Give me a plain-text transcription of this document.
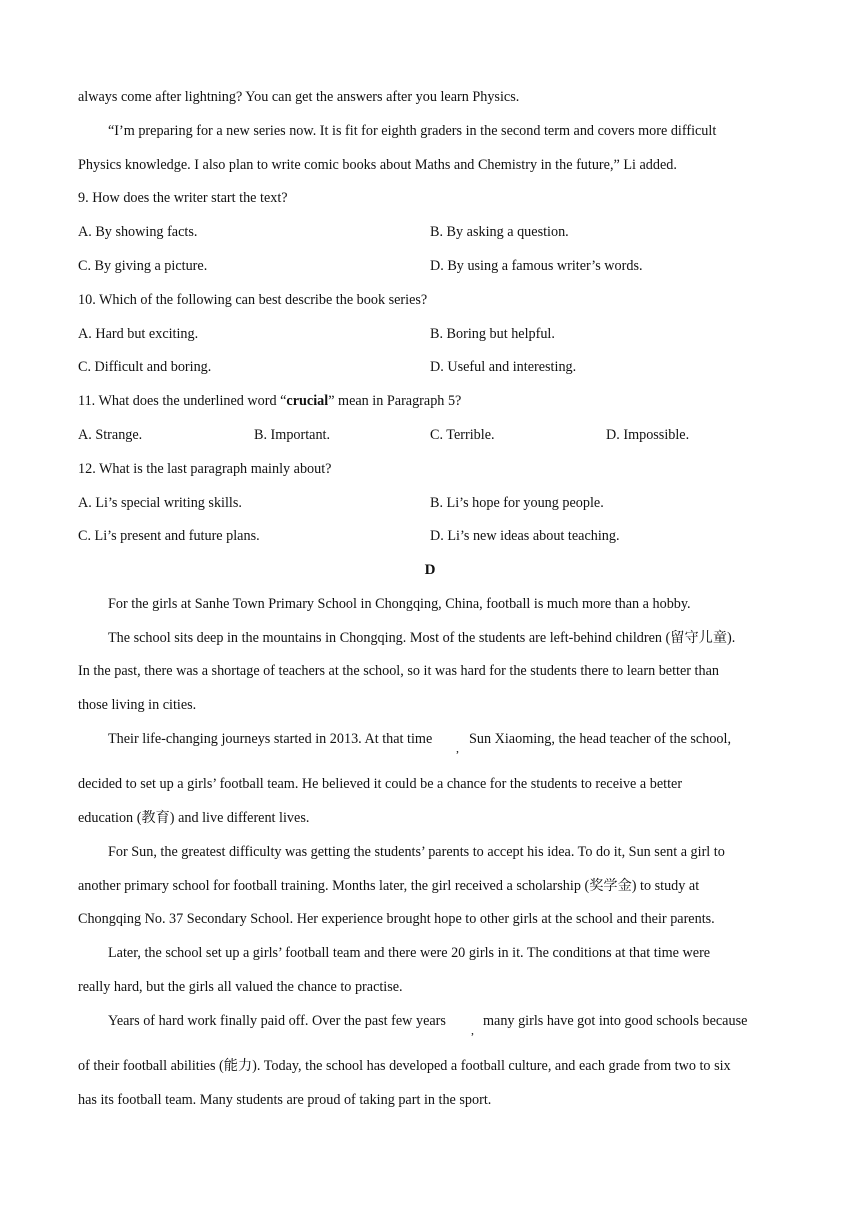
always come after lightning? You can get the answers after you learn Physics.
“I’m preparing for a new series now. It is fit for eighth graders in the second term and covers more difficult
Physics knowledge. I also plan to write comic books about Maths and Chemistry in the future,” Li added.
9. How does the writer start the text?
A. By showing facts.	B. By asking a question.
C. By giving a picture.	D. By using a famous writer’s words.
10. Which of the following can best describe the book series?
A. Hard but exciting.	B. Boring but helpful.
C. Difficult and boring.	D. Useful and interesting.
11. What does the underlined word “crucial” mean in Paragraph 5?
A. Strange.	B. Important.	C. Terrible.	D. Impossible.
12. What is the last paragraph mainly about?
A. Li’s special writing skills.	B. Li’s hope for young people.
C. Li’s present and future plans.	D. Li’s new ideas about teaching.
D
For the girls at Sanhe Town Primary School in Chongqing, China, football is much more than a hobby.
The school sits deep in the mountains in Chongqing. Most of the students are left-behind children (留守儿童).
In the past, there was a shortage of teachers at the school, so it was hard for the students there to learn better than
those living in cities.
Their life-changing journeys started in 2013. At that time
,
Sun Xiaoming, the head teacher of the school,
decided to set up a girls’ football team. He believed it could be a chance for the students to receive a better
education (教育) and live different lives.
For Sun, the greatest difficulty was getting the students’ parents to accept his idea. To do it, Sun sent a girl to
another primary school for football training. Months later, the girl received a scholarship (奖学金) to study at
Chongqing No. 37 Secondary School. Her experience brought hope to other girls at the school and their parents.
Later, the school set up a girls’ football team and there were 20 girls in it. The conditions at that time were
really hard, but the girls all valued the chance to practise.
Years of hard work finally paid off. Over the past few years
,
many girls have got into good schools because
of their football abilities (能力). Today, the school has developed a football culture, and each grade from two to six
has its football team. Many students are proud of taking part in the sport.
